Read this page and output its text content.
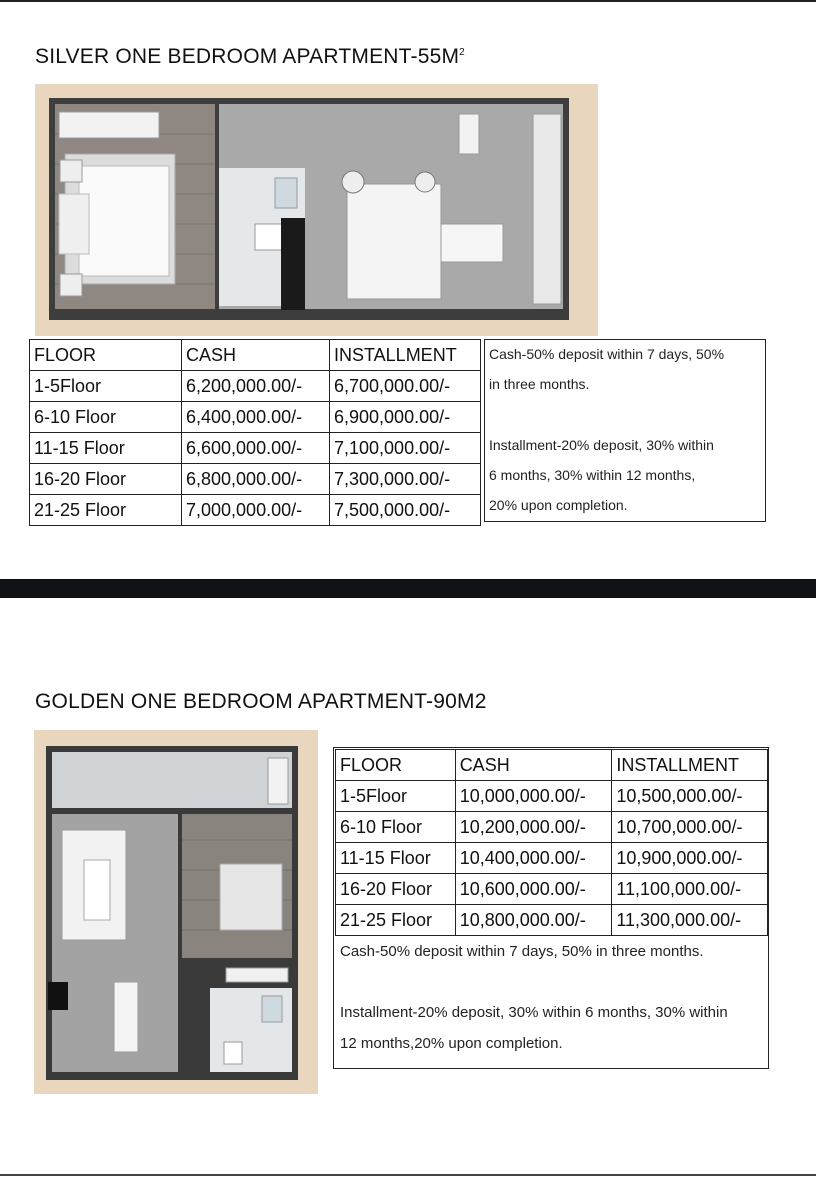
SILVER ONE BEDROOM APARTMENT-$55M^2$
FLOOR	CASH	INSTALLMENT
1-5Floor	6,200,000.00/-	6,700,000.00/-
6-10 Floor	6,400,000.00/-	6,900,000.00/-
11-15 Floor	6,600,000.00/-	7,100,000.00/-
16-20 Floor	6,800,000.00/-	7,300,000.00/-
21-25 Floor	7,000,000.00/-	7,500,000.00/-
Cash-50% deposit within 7 days, 50%
in three months.
Installment-20% deposit, 30% within
6 months, 30% within 12 months,
20% upon completion.
GOLDEN ONE BEDROOM APARTMENT-90M2
FLOOR	CASH	INSTALLMENT
1-5Floor	10,000,000.00/-	10,500,000.00/-
6-10 Floor	10,200,000.00/-	10,700,000.00/-
11-15 Floor	10,400,000.00/-	10,900,000.00/-
16-20 Floor	10,600,000.00/-	11,100,000.00/-
21-25 Floor	10,800,000.00/-	11,300,000.00/-
Cash-50% deposit within 7 days, 50% in three months.
Installment-20% deposit, 30% within 6 months, 30% within
12 months,20% upon completion.
